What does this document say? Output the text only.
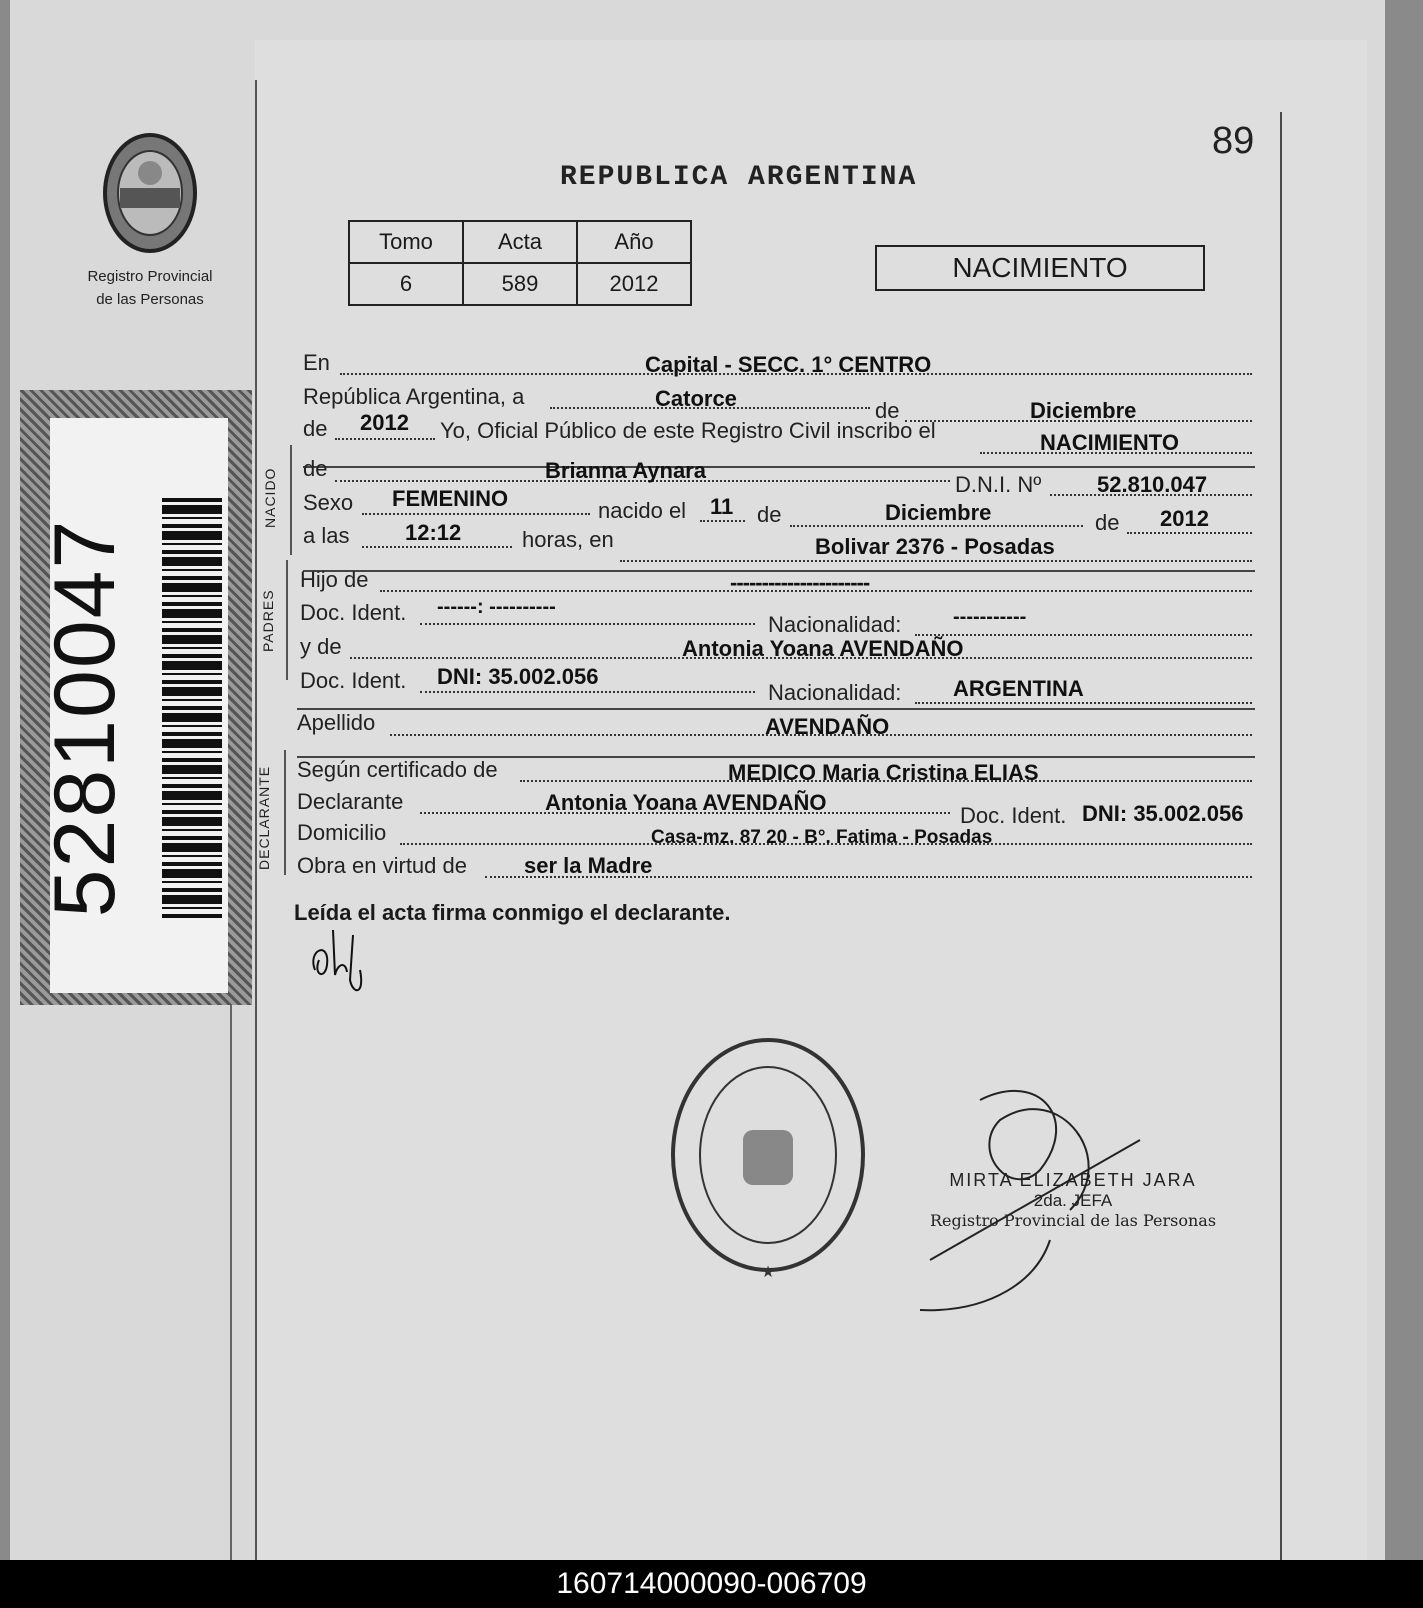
Registro Provincial
de las Personas
52810047
89
REPUBLICA ARGENTINA
Tomo	Acta	Año
6	589	2012
NACIMIENTO
En	Capital - SECC. 1° CENTRO
República Argentina, a	Catorce	de	Diciembre
de 2012 Yo, Oficial Público de este Registro Civil inscribo el	NACIMIENTO
NACIDO de	Brianna Aynara
D.N.I. Nº	52.810.047
Sexo FEMENINO	nacido el 11 de	Diciembre	de 2012
a las	12:12	horas, en	Bolivar 2376 - Posadas
PADRES
Hijo de	----------------------
Doc. Ident. ------: ----------
Nacionalidad:	-----------
y de	Antonia Yoana AVENDAÑO
Doc. Ident. DNI: 35.002.056
Nacionalidad: ARGENTINA
Apellido	AVENDAÑO
DECLARANTE Según certificado de	MEDICO Maria Cristina ELIAS
Declarante	Antonia Yoana AVENDAÑO
Doc. Ident. DNI: 35.002.056
Domicilio	Casa-mz. 87 20 - B°. Fatima - Posadas
Obra en virtud de	ser la Madre
Leída el acta firma conmigo el declarante.
★
MIRTA ELIZABETH JARA
2da. JEFA
Registro Provincial de las Personas
160714000090-006709
